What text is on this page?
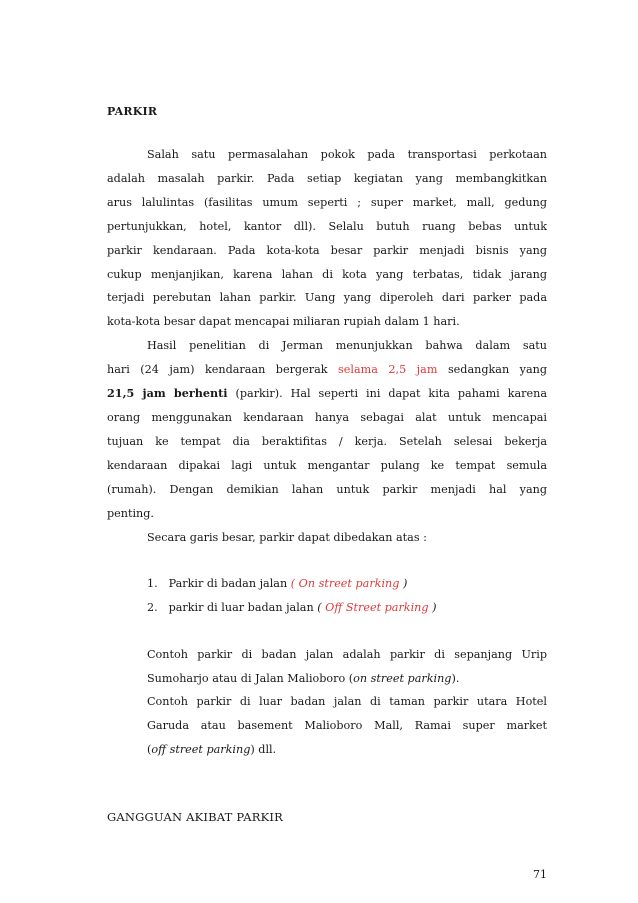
PARKIR

Salah satu permasalahan pokok pada transportasi perkotaan

adalah masalah parkir. Pada setiap kegiatan yang membangkitkan

arus lalulintas (fasilitas umum seperti ; super market, mall, gedung

pertunjukkan, hotel, kantor dll). Selalu butuh ruang bebas untuk

parkir kendaraan. Pada kota-kota besar parkir menjadi bisnis yang

cukup menjanjikan, karena lahan di kota yang terbatas, tidak jarang

terjadi perebutan lahan parkir. Uang yang diperoleh dari parker pada

kota-kota besar dapat mencapai miliaran rupiah dalam 1 hari.

Hasil penelitian di Jerman menunjukkan bahwa dalam satu

hari (24 jam) kendaraan bergerak selama 2,5 jam sedangkan yang

21,5 jam berhenti (parkir). Hal seperti ini dapat kita pahami karena

orang menggunakan kendaraan hanya sebagai alat untuk mencapai

tujuan ke tempat dia beraktifitas / kerja. Setelah selesai bekerja

kendaraan dipakai lagi untuk mengantar pulang ke tempat semula

(rumah). Dengan demikian lahan untuk parkir menjadi hal yang

penting.

Secara garis besar, parkir dapat dibedakan atas :

1. Parkir di badan jalan ( On street parking )
2. parkir di luar badan jalan ( Off Street parking )

Contoh parkir di badan jalan adalah parkir di sepanjang Urip

Sumoharjo atau di Jalan Malioboro (on street parking).

Contoh parkir di luar badan jalan di taman parkir utara Hotel

Garuda atau basement Malioboro Mall, Ramai super market

(off street parking) dll.

GANGGUAN AKIBAT PARKIR
71
